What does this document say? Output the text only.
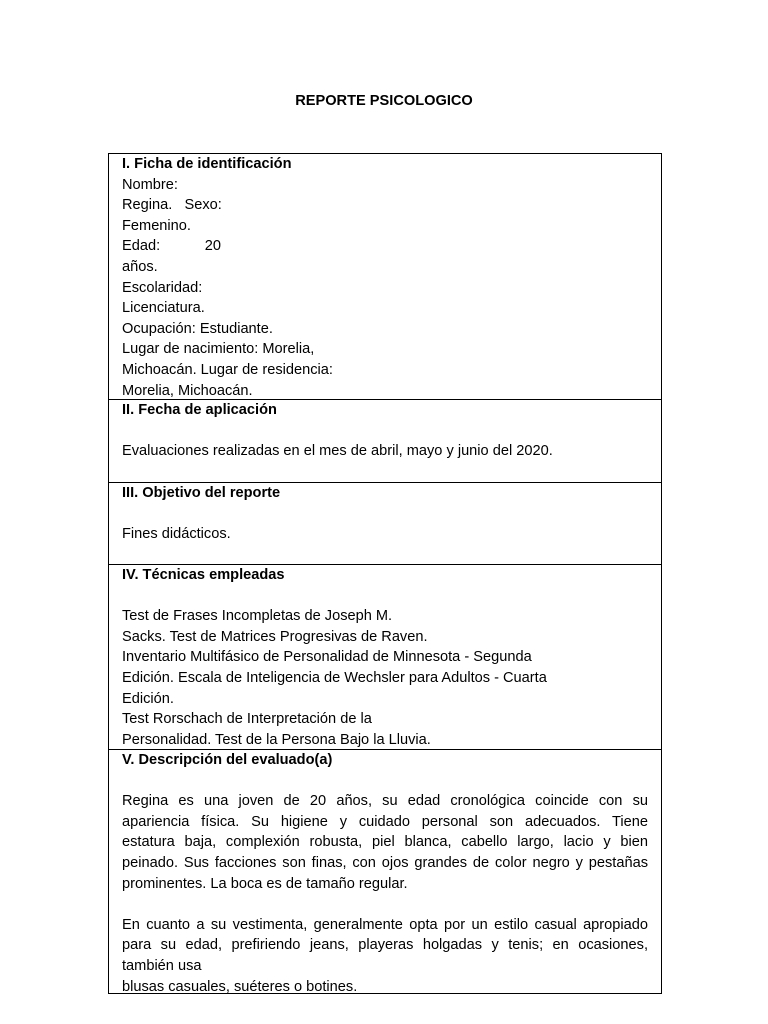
REPORTE PSICOLOGICO
I. Ficha de identificación
Nombre:
Regina.   Sexo:
Femenino.
Edad:           20
años.
Escolaridad:
Licenciatura.
Ocupación: Estudiante.
Lugar de nacimiento: Morelia,
Michoacán. Lugar de residencia:
Morelia, Michoacán.
II. Fecha de aplicación
Evaluaciones realizadas en el mes de abril, mayo y junio del 2020.
III. Objetivo del reporte
Fines didácticos.
IV. Técnicas empleadas
Test de Frases Incompletas de Joseph M.
Sacks. Test de Matrices Progresivas de Raven.
Inventario Multifásico de Personalidad de Minnesota - Segunda
Edición. Escala de Inteligencia de Wechsler para Adultos - Cuarta
Edición.
Test Rorschach de Interpretación de la
Personalidad. Test de la Persona Bajo la Lluvia.
V. Descripción del evaluado(a)
Regina es una joven de 20 años, su edad cronológica coincide con su
apariencia física. Su higiene y cuidado personal son adecuados. Tiene
estatura baja, complexión robusta, piel blanca, cabello largo, lacio y bien
peinado. Sus facciones son finas, con ojos grandes de color negro y pestañas
prominentes. La boca es de tamaño regular.
En cuanto a su vestimenta, generalmente opta por un estilo casual apropiado
para su edad, prefiriendo jeans, playeras holgadas y tenis; en ocasiones,
también usa
blusas casuales, suéteres o botines.
